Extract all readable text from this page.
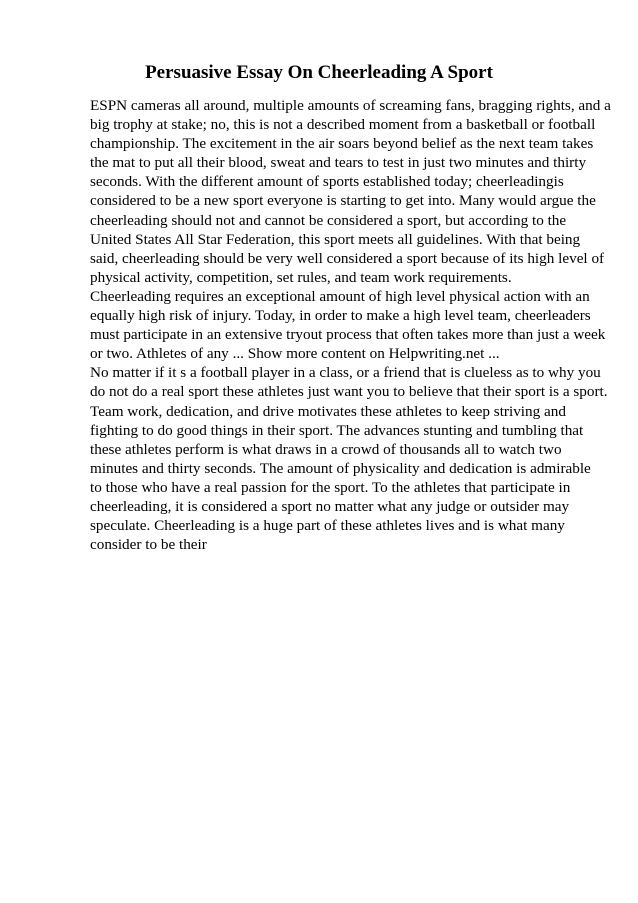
Persuasive Essay On Cheerleading A Sport
ESPN cameras all around, multiple amounts of screaming fans, bragging rights, and a
big trophy at stake; no, this is not a described moment from a basketball or football
championship. The excitement in the air soars beyond belief as the next team takes
the mat to put all their blood, sweat and tears to test in just two minutes and thirty
seconds. With the different amount of sports established today; cheerleadingis
considered to be a new sport everyone is starting to get into. Many would argue the
cheerleading should not and cannot be considered a sport, but according to the
United States All Star Federation, this sport meets all guidelines. With that being
said, cheerleading should be very well considered a sport because of its high level of
physical activity, competition, set rules, and team work requirements.
Cheerleading requires an exceptional amount of high level physical action with an
equally high risk of injury. Today, in order to make a high level team, cheerleaders
must participate in an extensive tryout process that often takes more than just a week
or two. Athletes of any ... Show more content on Helpwriting.net ...
No matter if it s a football player in a class, or a friend that is clueless as to why you
do not do a real sport these athletes just want you to believe that their sport is a sport.
Team work, dedication, and drive motivates these athletes to keep striving and
fighting to do good things in their sport. The advances stunting and tumbling that
these athletes perform is what draws in a crowd of thousands all to watch two
minutes and thirty seconds. The amount of physicality and dedication is admirable
to those who have a real passion for the sport. To the athletes that participate in
cheerleading, it is considered a sport no matter what any judge or outsider may
speculate. Cheerleading is a huge part of these athletes lives and is what many
consider to be their
